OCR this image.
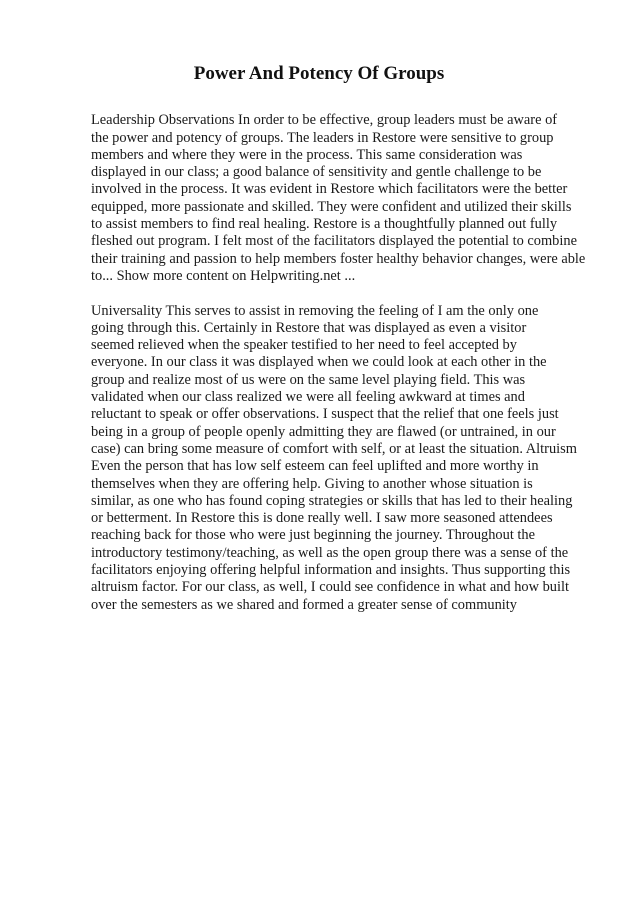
Power And Potency Of Groups

Leadership Observations In order to be effective, group leaders must be aware of
the power and potency of groups. The leaders in Restore were sensitive to group
members and where they were in the process. This same consideration was
displayed in our class; a good balance of sensitivity and gentle challenge to be
involved in the process. It was evident in Restore which facilitators were the better
equipped, more passionate and skilled. They were confident and utilized their skills
to assist members to find real healing. Restore is a thoughtfully planned out fully
fleshed out program. I felt most of the facilitators displayed the potential to combine
their training and passion to help members foster healthy behavior changes, were able
to... Show more content on Helpwriting.net ...

Universality This serves to assist in removing the feeling of I am the only one
going through this. Certainly in Restore that was displayed as even a visitor
seemed relieved when the speaker testified to her need to feel accepted by
everyone. In our class it was displayed when we could look at each other in the
group and realize most of us were on the same level playing field. This was
validated when our class realized we were all feeling awkward at times and
reluctant to speak or offer observations. I suspect that the relief that one feels just
being in a group of people openly admitting they are flawed (or untrained, in our
case) can bring some measure of comfort with self, or at least the situation. Altruism
Even the person that has low self esteem can feel uplifted and more worthy in
themselves when they are offering help. Giving to another whose situation is
similar, as one who has found coping strategies or skills that has led to their healing
or betterment. In Restore this is done really well. I saw more seasoned attendees
reaching back for those who were just beginning the journey. Throughout the
introductory testimony/teaching, as well as the open group there was a sense of the
facilitators enjoying offering helpful information and insights. Thus supporting this
altruism factor. For our class, as well, I could see confidence in what and how built
over the semesters as we shared and formed a greater sense of community
